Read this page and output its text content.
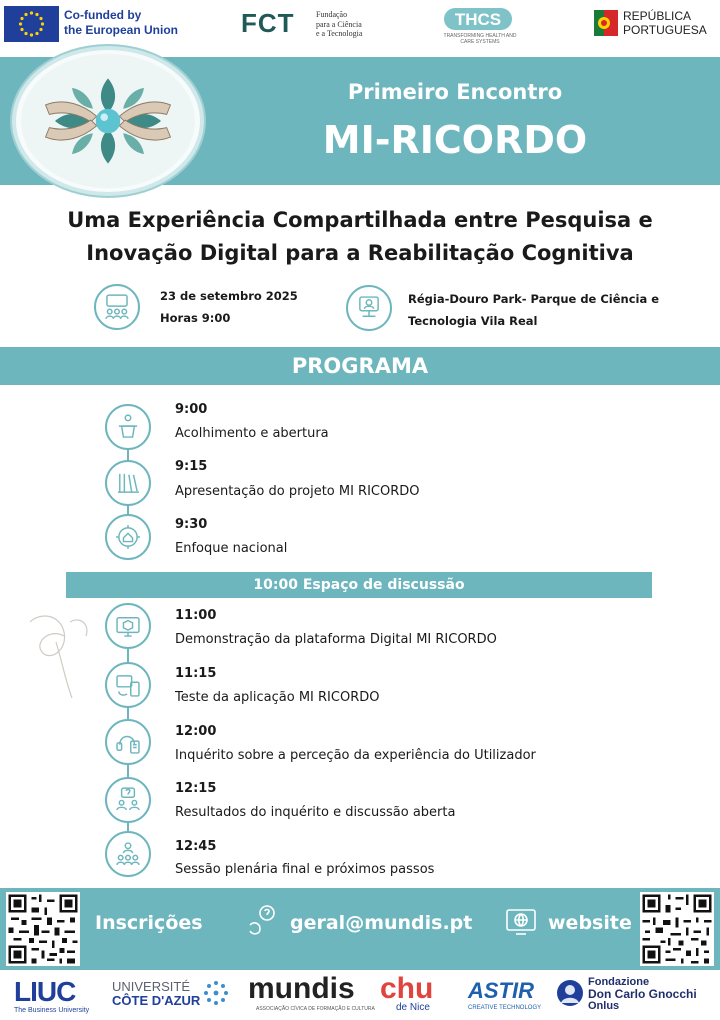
Co-funded by
the European Union FCT	Fundação
para a Ciência
e a Tecnologia
THCS
TRANSFORMING HEALTH AND CARE SYSTEMS
REPÚBLICA
PORTUGUESA
Primeiro Encontro
MI-RICORDO
Uma Experiência Compartilhada entre Pesquisa e
Inovação Digital para a Reabilitação Cognitiva
23 de setembro 2025
Horas 9:00
Régia-Douro Park- Parque de Ciência e
Tecnologia Vila Real
PROGRAMA
9:00
Acolhimento e abertura
9:15
Apresentação do projeto MI RICORDO
9:30
Enfoque nacional
10:00 Espaço de discussão
11:00
Demonstração da plataforma Digital MI RICORDO
11:15
Teste da aplicação MI RICORDO
12:00
Inquérito sobre a perceção da experiência do Utilizador
12:15
Resultados do inquérito e discussão aberta
12:45
Sessão plenária final e próximos passos
Inscrições	geral@mundis.pt	website
LIUC
The Business University
UNIVERSITÉ
CÔTE D'AZUR mundis
ASSOCIAÇÃO CÍVICA DE FORMAÇÃO E CULTURA
chu
de Nice
ASTIR
CREATIVE TECHNOLOGY
Fondazione
Don Carlo Gnocchi
Onlus
